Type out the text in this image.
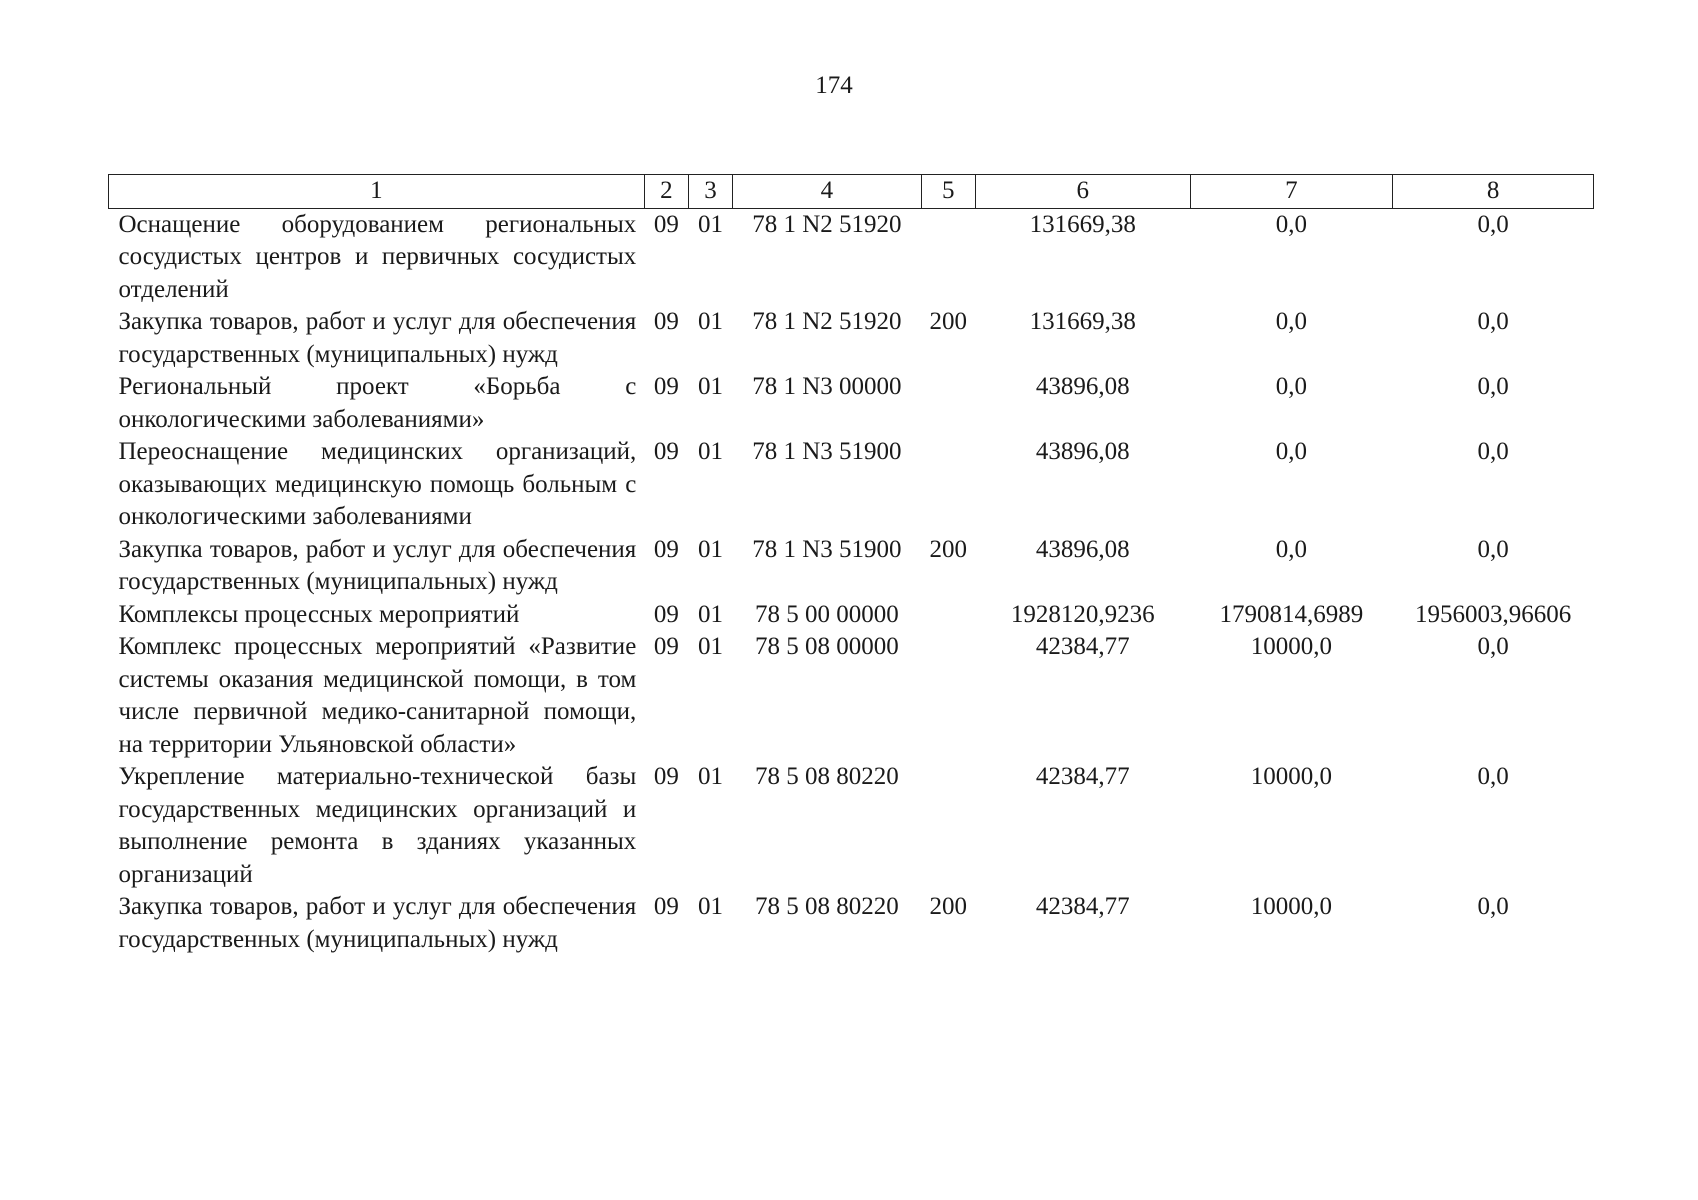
174
1	2	3	4	5	6	7	8
Оснащение оборудованием региональных сосудистых центров и первичных сосудистых отделений	09	01	78 1 N2 51920		131669,38	0,0	0,0
Закупка товаров, работ и услуг для обеспечения государственных (муниципальных) нужд	09	01	78 1 N2 51920	200	131669,38	0,0	0,0
Региональный проект «Борьба с онкологическими заболеваниями»	09	01	78 1 N3 00000		43896,08	0,0	0,0
Переоснащение медицинских организаций, оказывающих медицинскую помощь больным с онкологическими заболеваниями	09	01	78 1 N3 51900		43896,08	0,0	0,0
Закупка товаров, работ и услуг для обеспечения государственных (муниципальных) нужд	09	01	78 1 N3 51900	200	43896,08	0,0	0,0
Комплексы процессных мероприятий	09	01	78 5 00 00000		1928120,9236	1790814,6989	1956003,96606
Комплекс процессных мероприятий «Развитие системы оказания медицинской помощи, в том числе первичной медико-санитарной помощи, на территории Ульяновской области»	09	01	78 5 08 00000		42384,77	10000,0	0,0
Укрепление материально-технической базы государственных медицинских организаций и выполнение ремонта в зданиях указанных организаций	09	01	78 5 08 80220		42384,77	10000,0	0,0
Закупка товаров, работ и услуг для обеспечения государственных (муниципальных) нужд	09	01	78 5 08 80220	200	42384,77	10000,0	0,0
